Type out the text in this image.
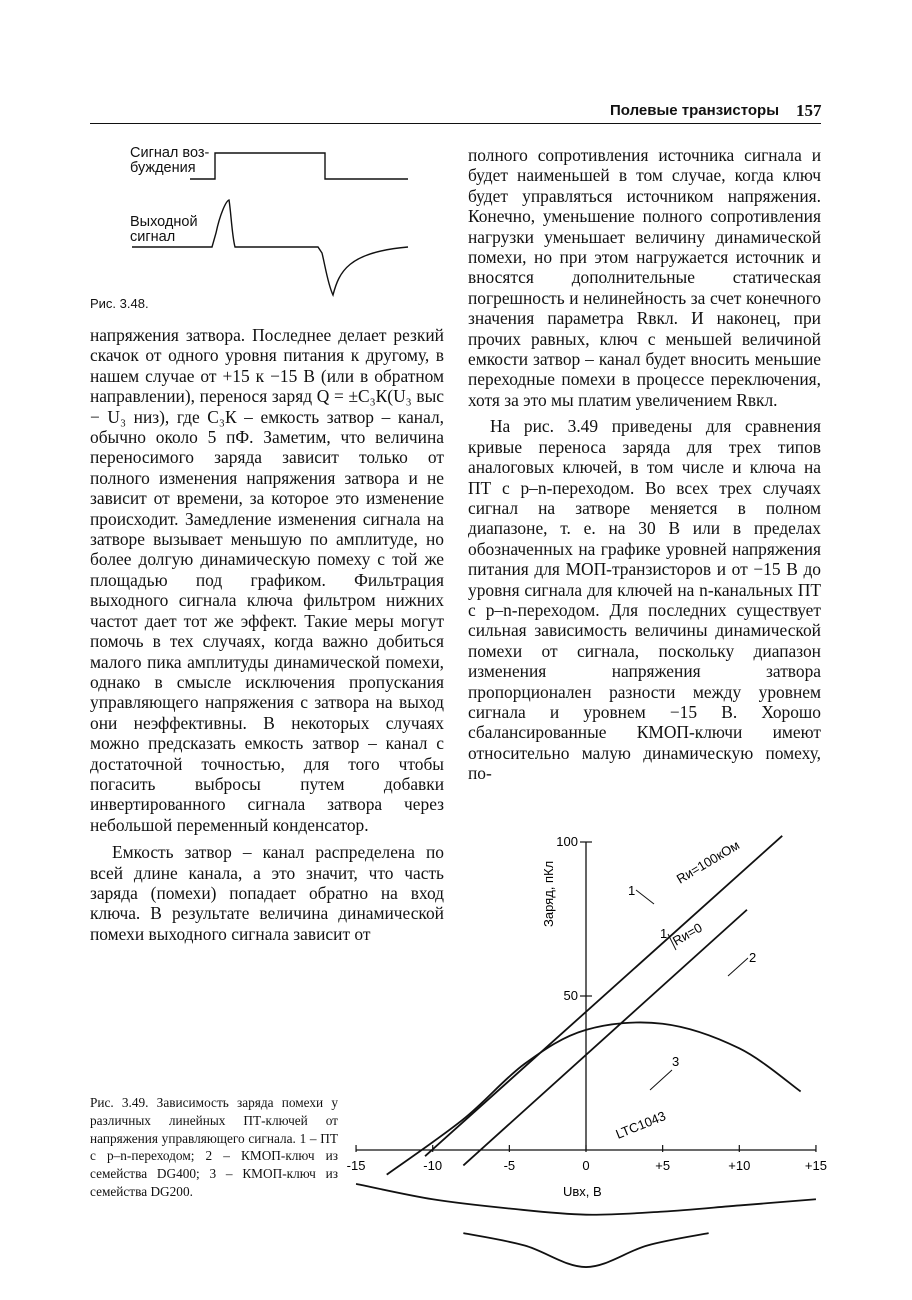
Полевые транзисторы 157
Сигнал воз-
буждения
Выходной
сигнал
Рис. 3.48.

напряжения затвора. Последнее делает резкий скачок от одного уровня питания к другому, в нашем случае от +15 к −15 В (или в обратном направлении), перенося заряд Q = ±C₃К(U₃ выс − U₃ низ), где C₃К – емкость затвор – канал, обычно около 5 пФ. Заметим, что величина переносимого заряда зависит только от полного изменения напряжения затвора и не зависит от времени, за которое это изменение происходит. Замедление изменения сигнала на затворе вызывает меньшую по амплитуде, но более долгую динамическую помеху с той же площадью под графиком. Фильтрация выходного сигнала ключа фильтром нижних частот дает тот же эффект. Такие меры могут помочь в тех случаях, когда важно добиться малого пика амплитуды динамической помехи, однако в смысле исключения пропускания управляющего напряжения с затвора на выход они неэффективны. В некоторых случаях можно предсказать емкость затвор – канал с достаточной точностью, для того чтобы погасить выбросы путем добавки инвертированного сигнала затвора через небольшой переменный конденсатор.

Емкость затвор – канал распределена по всей длине канала, а это значит, что часть заряда (помехи) попадает обратно на вход ключа. В результате величина динамической помехи выходного сигнала зависит от

полного сопротивления источника сигнала и будет наименьшей в том случае, когда ключ будет управляться источником напряжения. Конечно, уменьшение полного сопротивления нагрузки уменьшает величину динамической помехи, но при этом нагружается источник и вносятся дополнительные статическая погрешность и нелинейность за счет конечного значения параметра Rвкл. И наконец, при прочих равных, ключ с меньшей величиной емкости затвор – канал будет вносить меньшие переходные помехи в процессе переключения, хотя за это мы платим увеличением Rвкл.

На рис. 3.49 приведены для сравнения кривые переноса заряда для трех типов аналоговых ключей, в том числе и ключа на ПТ с p–n-переходом. Во всех трех случаях сигнал на затворе меняется в полном диапазоне, т. е. на 30 В или в пределах обозначенных на графике уровней напряжения питания для МОП-транзисторов и от −15 В до уровня сигнала для ключей на n-канальных ПТ с p–n-переходом. Для последних существует сильная зависимость величины динамической помехи от сигнала, поскольку диапазон изменения напряжения затвора пропорционален разности между уровнем сигнала и уровнем −15 В. Хорошо сбалансированные КМОП-ключи имеют относительно малую динамическую помеху, по-

-15	-10	-5	0	+5	+10	+15
50
100
Uвх, В
Заряд, пКл	1
Rи=100кОм
1 Rи=0
2
3
LTC1043
Рис. 3.49. Зависимость заряда помехи у различных линейных ПТ-ключей от напряжения управляющего сигнала. 1 – ПТ с p–n-переходом; 2 – КМОП-ключ из семейства DG400; 3 – КМОП-ключ из семейства DG200.
